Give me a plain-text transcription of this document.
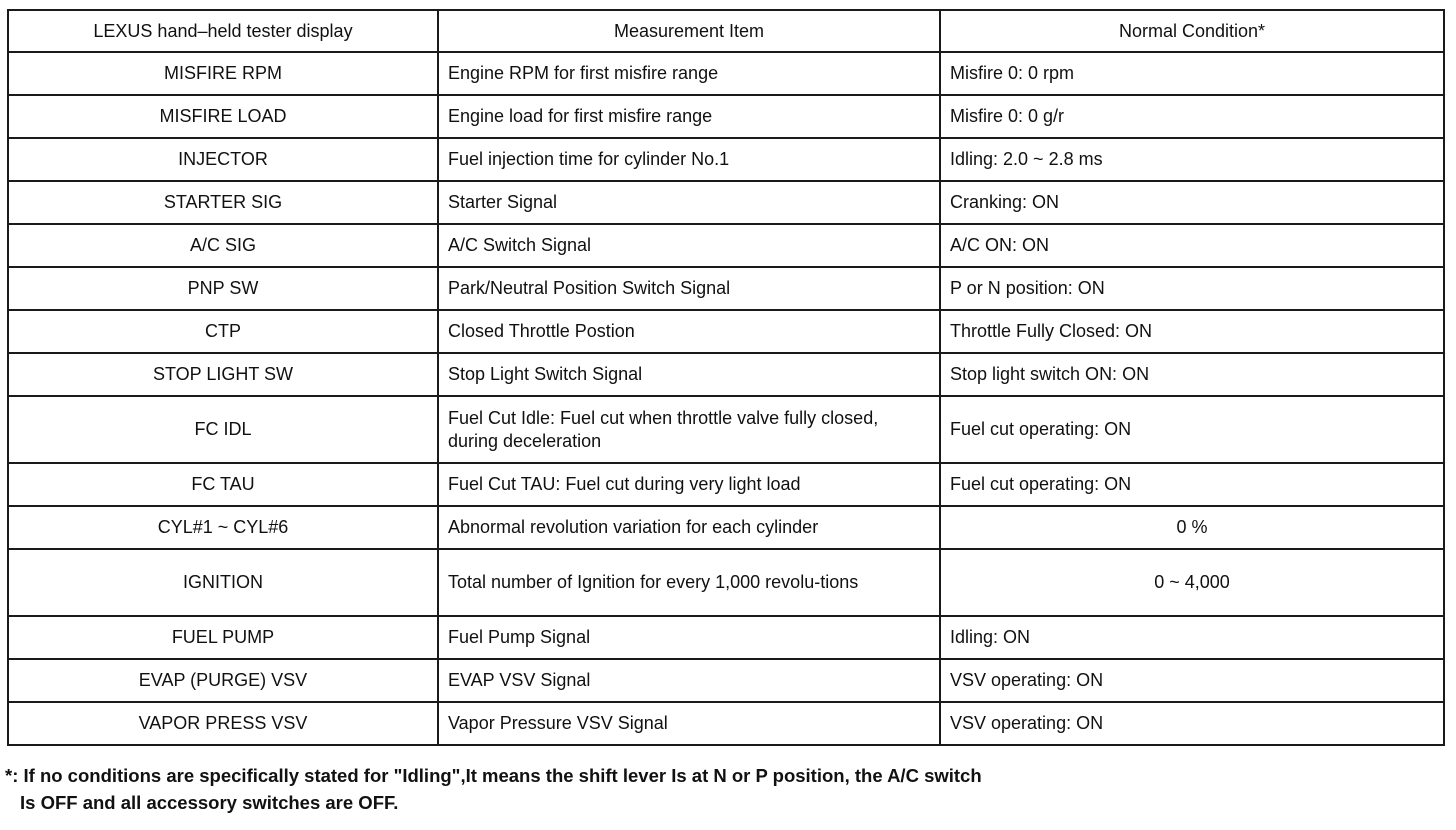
LEXUS hand–held tester display	Measurement Item	Normal Condition*
MISFIRE RPM	Engine RPM for first misfire range	Misfire 0: 0 rpm
MISFIRE LOAD	Engine load for first misfire range	Misfire 0: 0 g/r
INJECTOR	Fuel injection time for cylinder No.1	Idling: 2.0 ~ 2.8 ms
STARTER SIG	Starter Signal	Cranking: ON
A/C SIG	A/C Switch Signal	A/C ON: ON
PNP SW	Park/Neutral Position Switch Signal	P or N position: ON
CTP	Closed Throttle Postion	Throttle Fully Closed: ON
STOP LIGHT SW	Stop Light Switch Signal	Stop light switch ON: ON
FC IDL	Fuel Cut Idle: Fuel cut when throttle valve fully closed, during deceleration	Fuel cut operating: ON
FC TAU	Fuel Cut TAU: Fuel cut during very light load	Fuel cut operating: ON
CYL#1 ~ CYL#6	Abnormal revolution variation for each cylinder	0 %
IGNITION	Total number of Ignition for every 1,000 revolu-tions	0 ~ 4,000
FUEL PUMP	Fuel Pump Signal	Idling: ON
EVAP (PURGE) VSV	EVAP VSV Signal	VSV operating: ON
VAPOR PRESS VSV	Vapor Pressure VSV Signal	VSV operating: ON
*: If no conditions are specifically stated for "Idling",It means the shift lever Is at N or P position, the A/C switch
Is OFF and all accessory switches are OFF.
